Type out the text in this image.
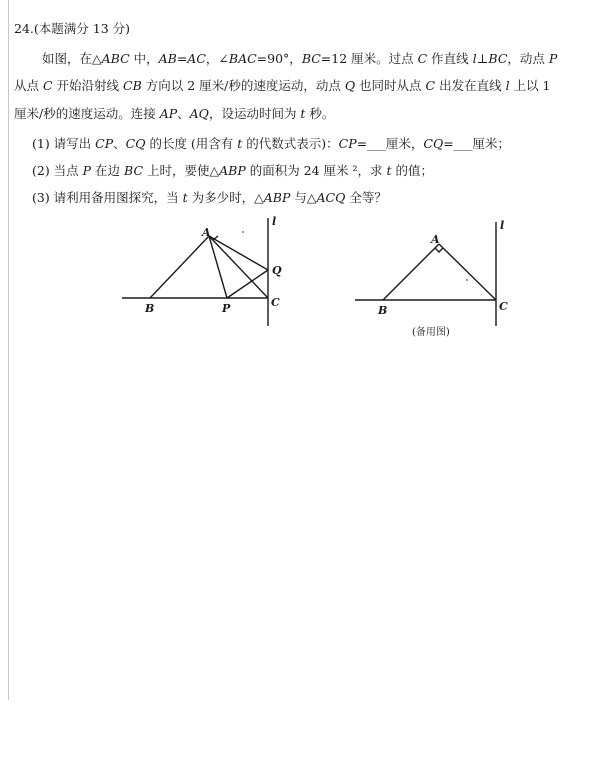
24.(本题满分 13 分)
如图，在△ABC 中，AB=AC，∠BAC=90°，BC=12 厘米。过点 C 作直线 l⊥BC，动点 P
从点 C 开始沿射线 CB 方向以 2 厘米/秒的速度运动，动点 Q 也同时从点 C 出发在直线 l 上以 1
厘米/秒的速度运动。连接 AP、AQ，设运动时间为 t 秒。
(1) 请写出 CP、CQ 的长度 (用含有 t 的代数式表示)：CP=___厘米，CQ=___厘米；
(2) 当点 P 在边 BC 上时，要使△ABP 的面积为 24 厘米 ²，求 t 的值；
(3) 请利用备用图探究，当 t 为多少时，△ABP 与△ACQ 全等？
A
B	P	C
Q
l
A
B	C
l
(备用图)
